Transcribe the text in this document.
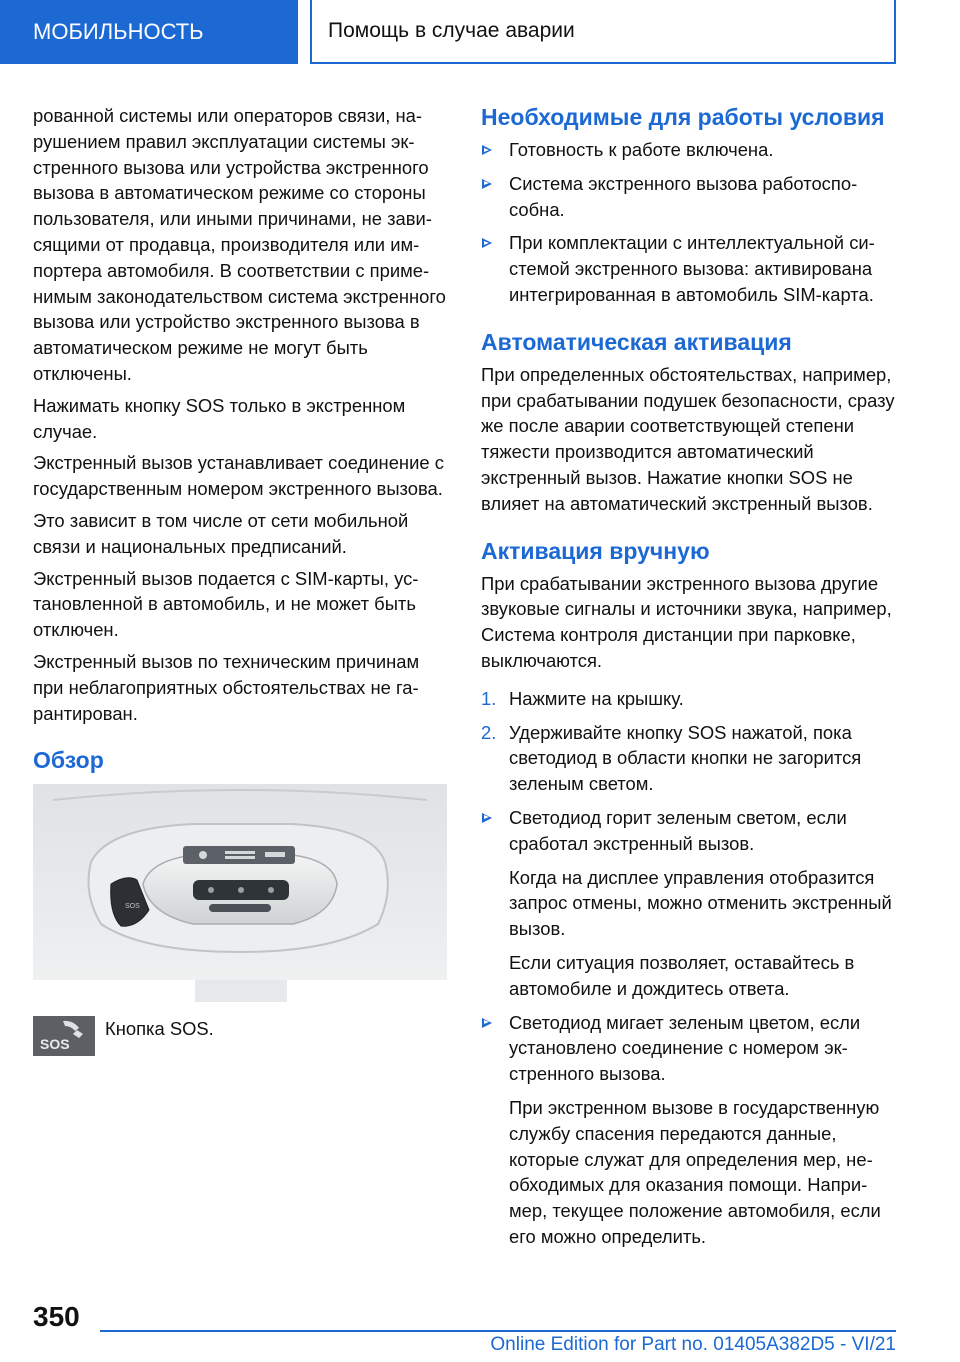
МОБИЛЬНОСТЬ	Помощь в случае аварии

рованной системы или операторов связи, нарушением правил эксплуатации системы экстренного вызова или устройства экстренного вызова в автоматическом режиме со стороны пользователя, или иными причинами, не зависящими от продавца, производителя или импортера автомобиля. В соответствии с применимым законодательством система экстренного вызова или устройство экстренного вызова в автоматическом режиме не могут быть отключены.

Нажимать кнопку SOS только в экстренном случае.

Экстренный вызов устанавливает соединение с государственным номером экстренного вызова.

Это зависит в том числе от сети мобильной связи и национальных предписаний.

Экстренный вызов подается с SIM-карты, установленной в автомобиль, и не может быть отключен.

Экстренный вызов по техническим причинам при неблагоприятных обстоятельствах не гарантирован.

Обзор
SOS
SOS
Кнопка SOS.
Необходимые для работы условия
Готовность к работе включена.
Система экстренного вызова работоспособна.
При комплектации с интеллектуальной системой экстренного вызова: активирована интегрированная в автомобиль SIM-карта.
Автоматическая активация

При определенных обстоятельствах, например, при срабатывании подушек безопасности, сразу же после аварии соответствующей степени тяжести производится автоматический экстренный вызов. Нажатие кнопки SOS не влияет на автоматический экстренный вызов.

Активация вручную

При срабатывании экстренного вызова другие звуковые сигналы и источники звука, например, Система контроля дистанции при парковке, выключаются.

1. Нажмите на крышку.
2. Удерживайте кнопку SOS нажатой, пока светодиод в области кнопки не загорится зеленым светом.
Светодиод горит зеленым светом, если сработал экстренный вызов.

Когда на дисплее управления отобразится запрос отмены, можно отменить экстренный вызов.

Если ситуация позволяет, оставайтесь в автомобиле и дождитесь ответа.

Светодиод мигает зеленым цветом, если установлено соединение с номером экстренного вызова.

При экстренном вызове в государственную службу спасения передаются данные, которые служат для определения мер, необходимых для оказания помощи. Например, текущее положение автомобиля, если его можно определить.

350
Online Edition for Part no. 01405A382D5 - VI/21
